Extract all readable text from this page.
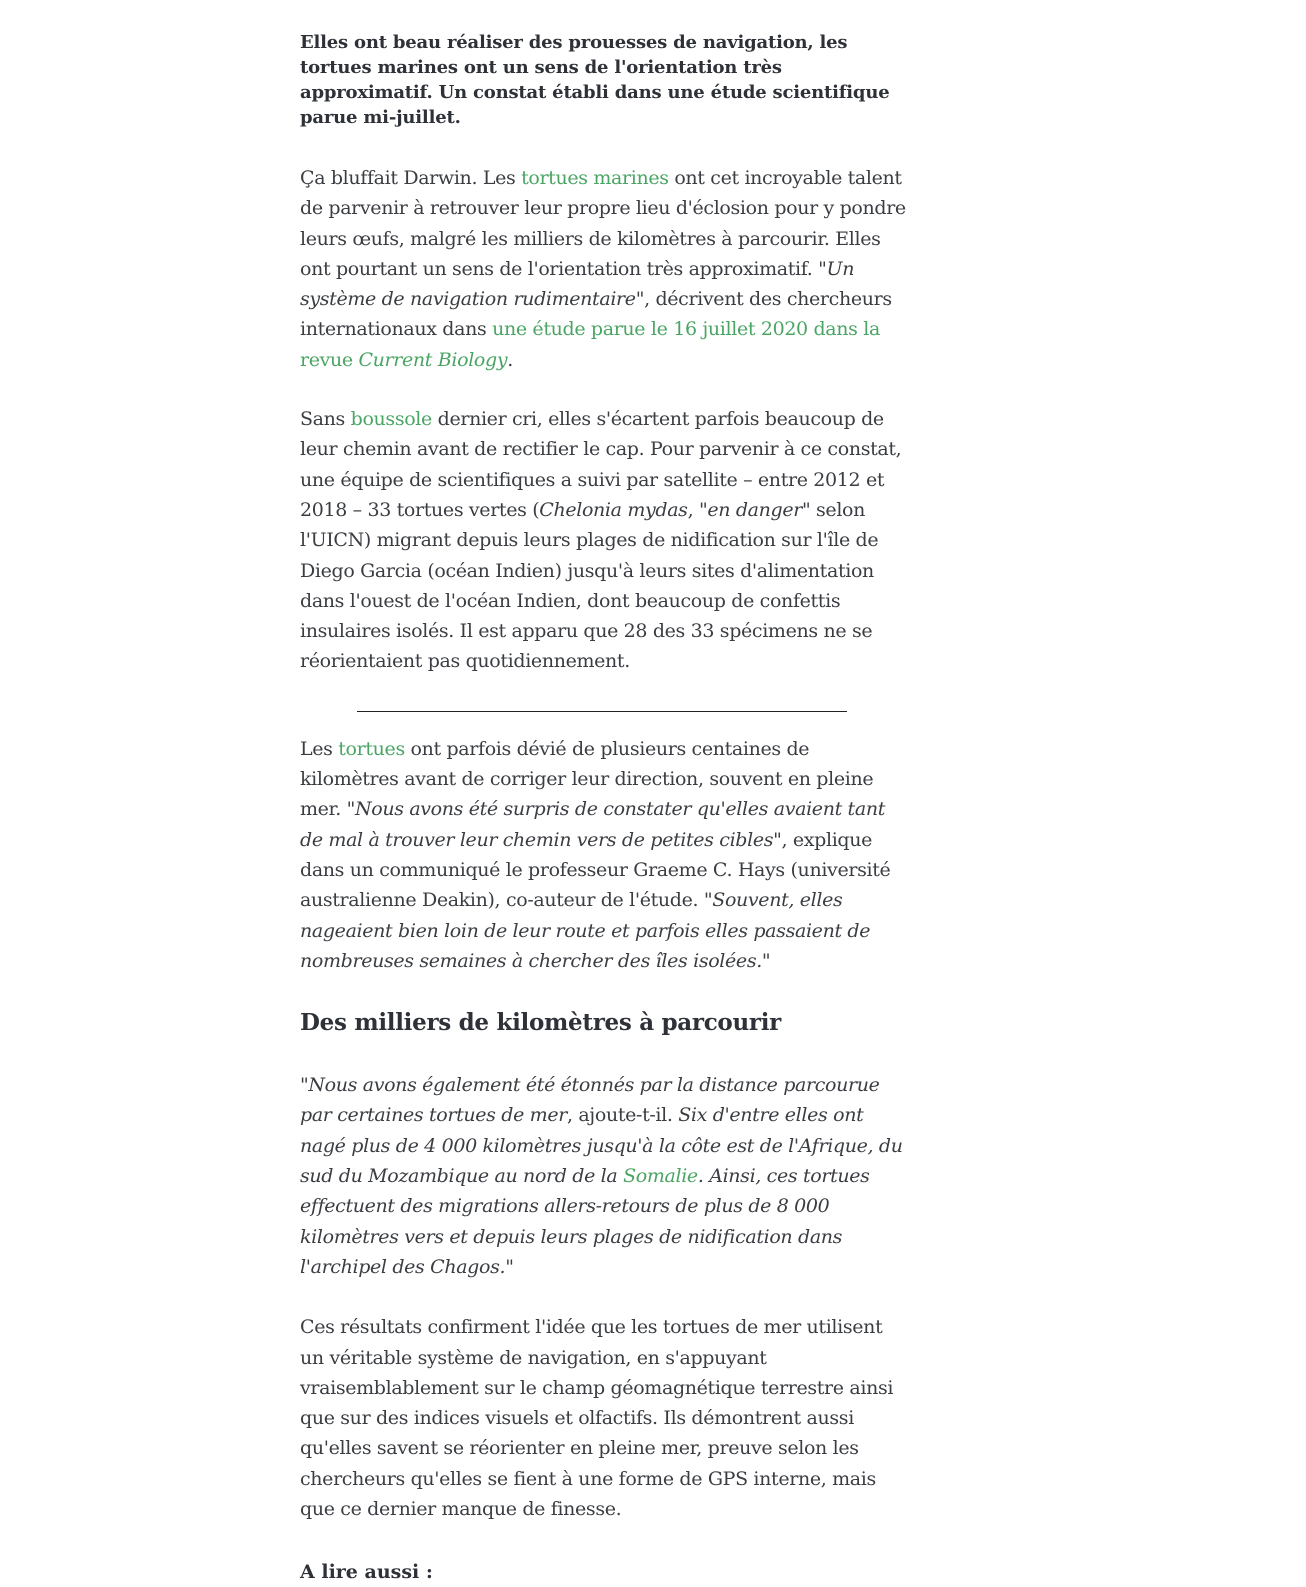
Elles ont beau réaliser des prouesses de navigation, les tortues marines ont un sens de l'orientation très approximatif. Un constat établi dans une étude scientifique parue mi-juillet.

Ça bluffait Darwin. Les tortues marines ont cet incroyable talent de parvenir à retrouver leur propre lieu d'éclosion pour y pondre leurs œufs, malgré les milliers de kilomètres à parcourir. Elles ont pourtant un sens de l'orientation très approximatif. "Un système de navigation rudimentaire", décrivent des chercheurs internationaux dans une étude parue le 16 juillet 2020 dans la revue Current Biology.

Sans boussole dernier cri, elles s'écartent parfois beaucoup de leur chemin avant de rectifier le cap. Pour parvenir à ce constat, une équipe de scientifiques a suivi par satellite – entre 2012 et 2018 – 33 tortues vertes (Chelonia mydas, "en danger" selon l'UICN) migrant depuis leurs plages de nidification sur l'île de Diego Garcia (océan Indien) jusqu'à leurs sites d'alimentation dans l'ouest de l'océan Indien, dont beaucoup de confettis insulaires isolés. Il est apparu que 28 des 33 spécimens ne se réorientaient pas quotidiennement.

Les tortues ont parfois dévié de plusieurs centaines de kilomètres avant de corriger leur direction, souvent en pleine mer. "Nous avons été surpris de constater qu'elles avaient tant de mal à trouver leur chemin vers de petites cibles", explique dans un communiqué le professeur Graeme C. Hays (université australienne Deakin), co-auteur de l'étude. "Souvent, elles nageaient bien loin de leur route et parfois elles passaient de nombreuses semaines à chercher des îles isolées."

Des milliers de kilomètres à parcourir

"Nous avons également été étonnés par la distance parcourue par certaines tortues de mer, ajoute-t-il. Six d'entre elles ont nagé plus de 4 000 kilomètres jusqu'à la côte est de l'Afrique, du sud du Mozambique au nord de la Somalie. Ainsi, ces tortues effectuent des migrations allers-retours de plus de 8 000 kilomètres vers et depuis leurs plages de nidification dans l'archipel des Chagos."

Ces résultats confirment l'idée que les tortues de mer utilisent un véritable système de navigation, en s'appuyant vraisemblablement sur le champ géomagnétique terrestre ainsi que sur des indices visuels et olfactifs. Ils démontrent aussi qu'elles savent se réorienter en pleine mer, preuve selon les chercheurs qu'elles se fient à une forme de GPS interne, mais que ce dernier manque de finesse.

A lire aussi :
